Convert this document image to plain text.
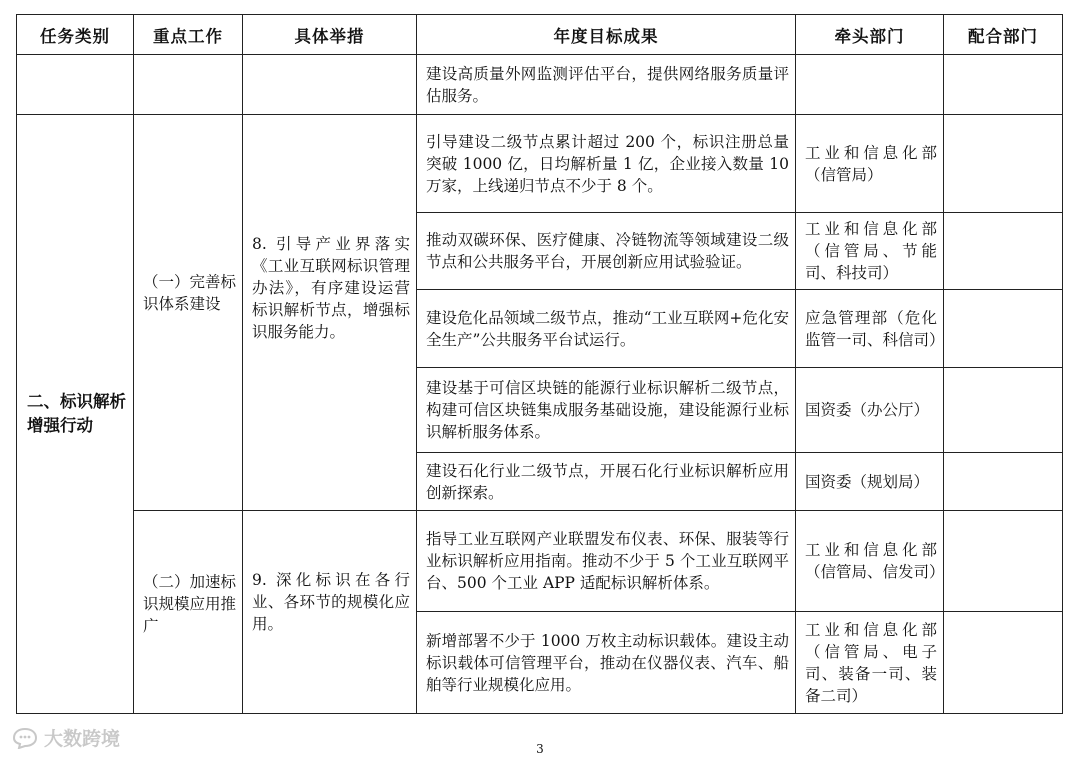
任务类别	重点工作	具体举措	年度目标成果	牵头部门	配合部门

			建设高质量外网监测评估平台，提供网络服务质量评估服务。		

二、标识解析增强行动	（一）完善标识体系建设	8. 引导产业界落实《工业互联网标识管理办法》，有序建设运营标识解析节点，增强标识服务能力。	引导建设二级节点累计超过 200 个，标识注册总量突破 1000 亿，日均解析量 1 亿，企业接入数量 10 万家，上线递归节点不少于 8 个。	工业和信息化部（信管局）	

			推动双碳环保、医疗健康、冷链物流等领域建设二级节点和公共服务平台，开展创新应用试验验证。	工业和信息化部（信管局、节能司、科技司）	

			建设危化品领域二级节点，推动“工业互联网+危化安全生产”公共服务平台试运行。	应急管理部（危化监管一司、科信司）	

			建设基于可信区块链的能源行业标识解析二级节点，构建可信区块链集成服务基础设施，建设能源行业标识解析服务体系。	国资委（办公厅）	

			建设石化行业二级节点，开展石化行业标识解析应用创新探索。	国资委（规划局）	

	（二）加速标识规模应用推广	9. 深化标识在各行业、各环节的规模化应用。	指导工业互联网产业联盟发布仪表、环保、服装等行业标识解析应用指南。推动不少于 5 个工业互联网平台、500 个工业 APP 适配标识解析体系。	工业和信息化部（信管局、信发司）	

			新增部署不少于 1000 万枚主动标识载体。建设主动标识载体可信管理平台，推动在仪器仪表、汽车、船舶等行业规模化应用。	工业和信息化部（信管局、电子司、装备一司、装备二司）	

大数跨境	3
